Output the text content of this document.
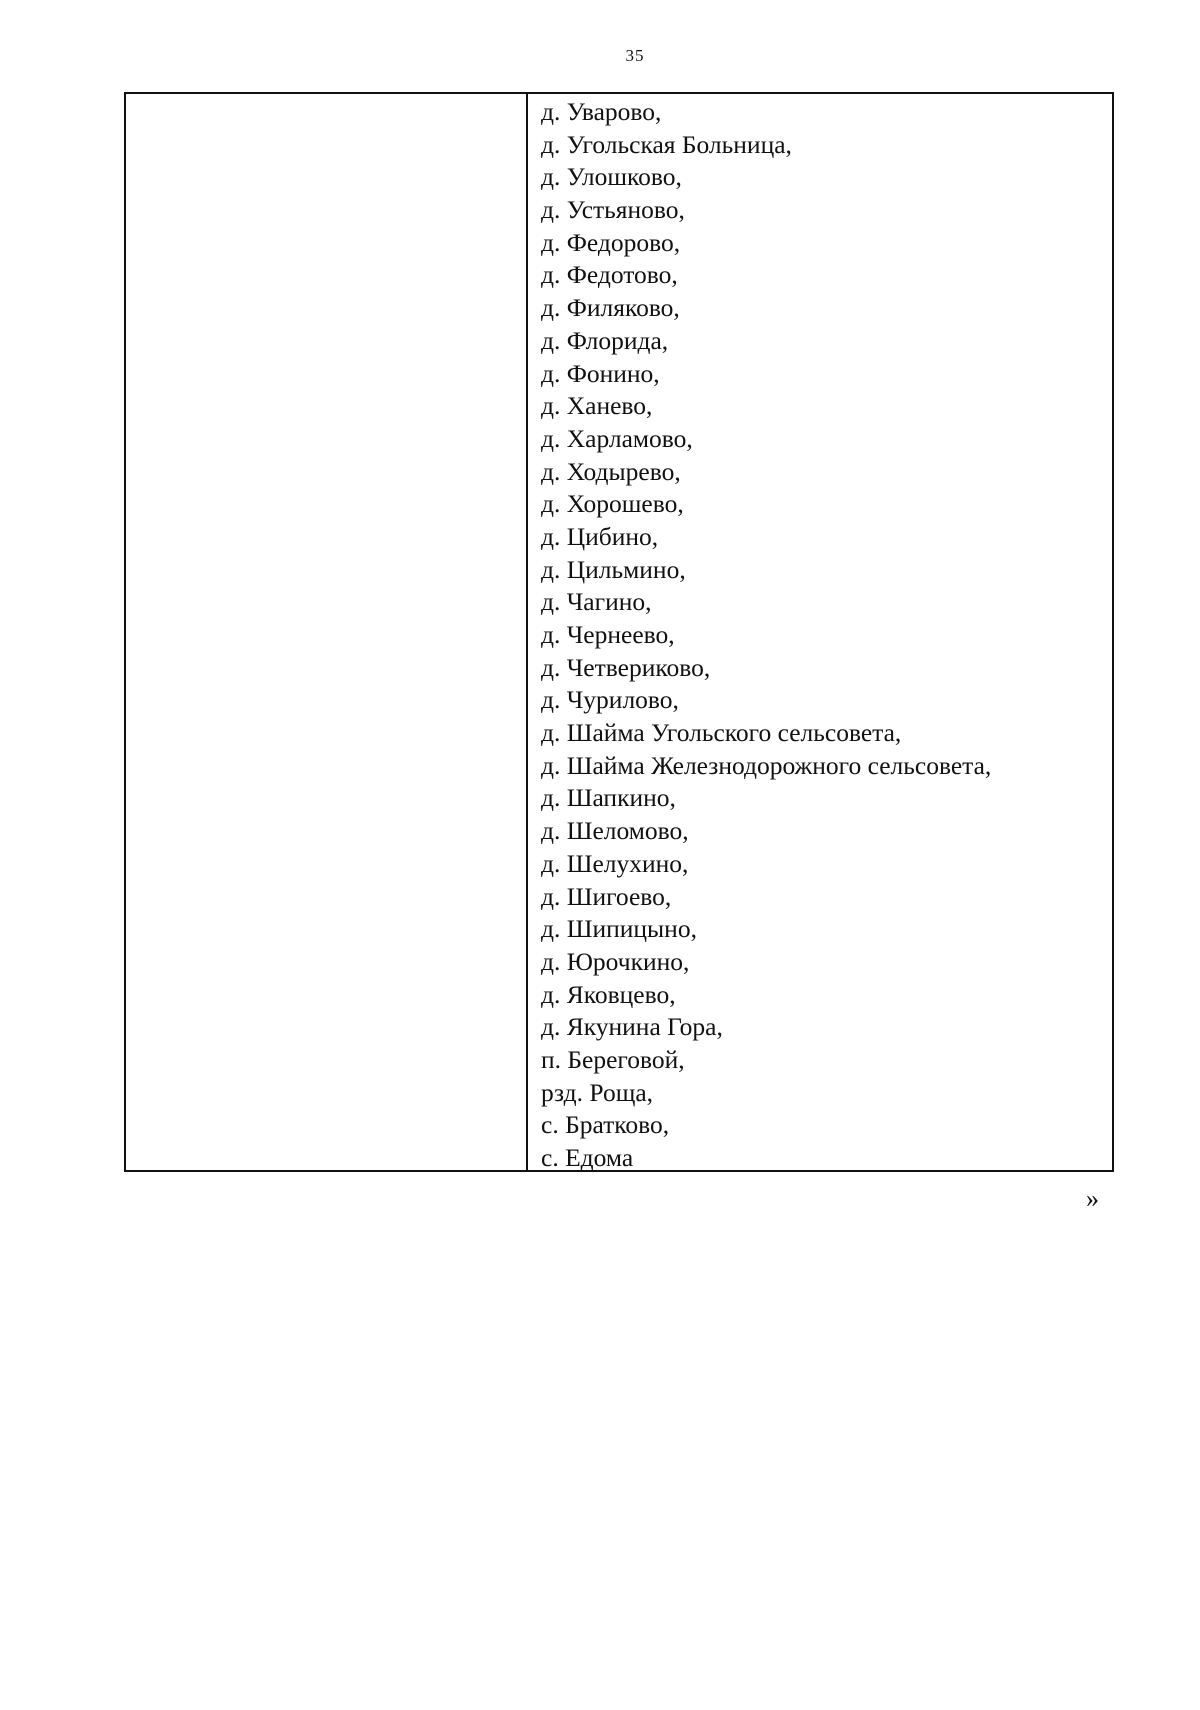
35
д. Уварово,
д. Угольская Больница,
д. Улошково,
д. Устьяново,
д. Федорово,
д. Федотово,
д. Филяково,
д. Флорида,
д. Фонино,
д. Ханево,
д. Харламово,
д. Ходырево,
д. Хорошево,
д. Цибино,
д. Цильмино,
д. Чагино,
д. Чернеево,
д. Четвериково,
д. Чурилово,
д. Шайма Угольского сельсовета,
д. Шайма Железнодорожного сельсовета,
д. Шапкино,
д. Шеломово,
д. Шелухино,
д. Шигоево,
д. Шипицыно,
д. Юрочкино,
д. Яковцево,
д. Якунина Гора,
п. Береговой,
рзд. Роща,
с. Братково,
с. Едома
»
